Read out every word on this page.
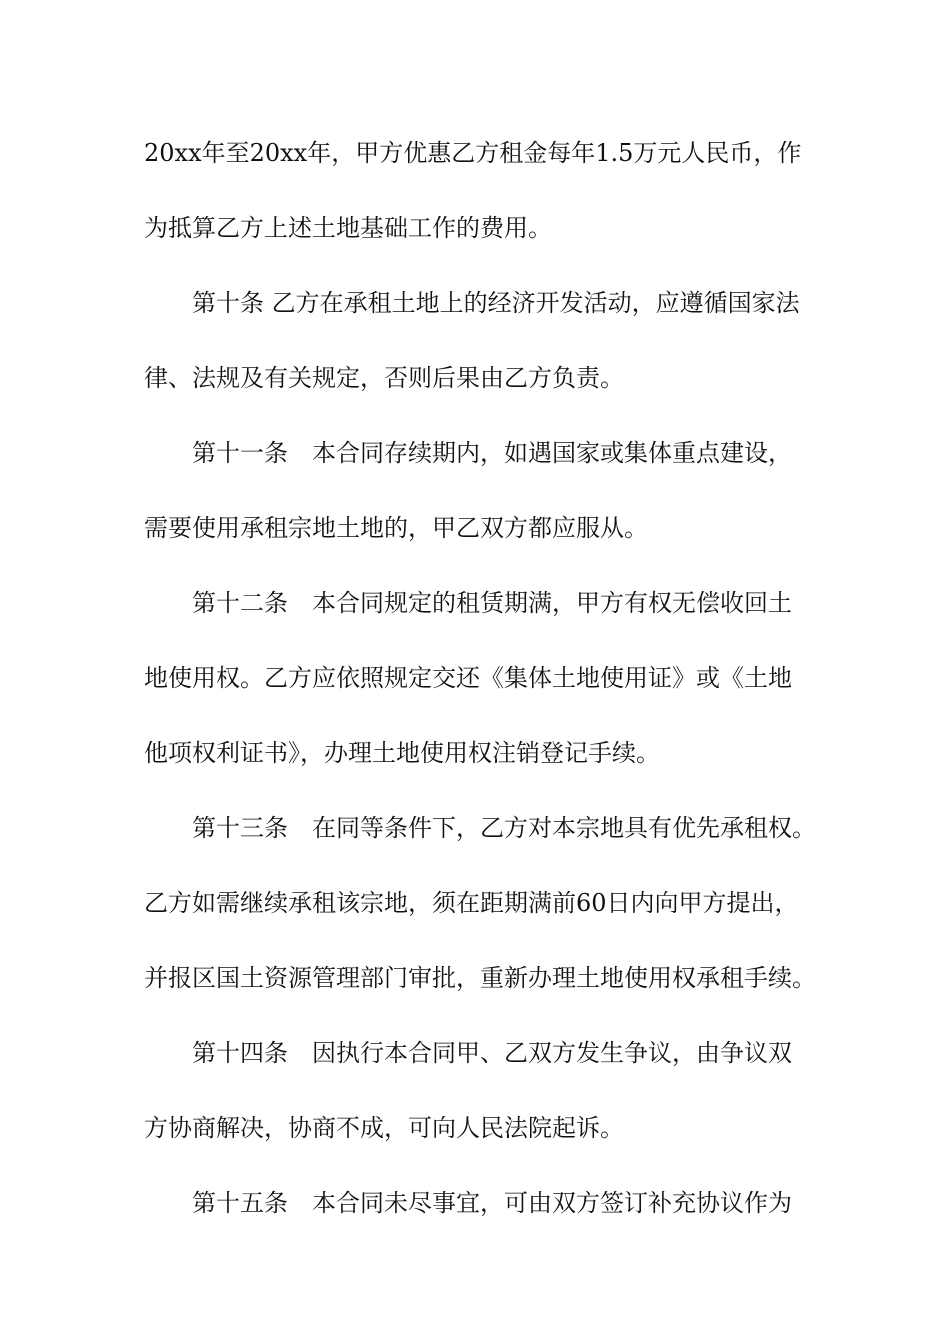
20xx年至20xx年，甲方优惠乙方租金每年1.5万元人民币，作
为抵算乙方上述土地基础工作的费用。
第十条 乙方在承租土地上的经济开发活动，应遵循国家法
律、法规及有关规定，否则后果由乙方负责。
第十一条　本合同存续期内，如遇国家或集体重点建设，
需要使用承租宗地土地的，甲乙双方都应服从。
第十二条　本合同规定的租赁期满，甲方有权无偿收回土
地使用权。乙方应依照规定交还《集体土地使用证》或《土地
他项权利证书》，办理土地使用权注销登记手续。
第十三条　在同等条件下，乙方对本宗地具有优先承租权。
乙方如需继续承租该宗地，须在距期满前60日内向甲方提出，
并报区国土资源管理部门审批，重新办理土地使用权承租手续。
第十四条　因执行本合同甲、乙双方发生争议，由争议双
方协商解决，协商不成，可向人民法院起诉。
第十五条　本合同未尽事宜，可由双方签订补充协议作为
